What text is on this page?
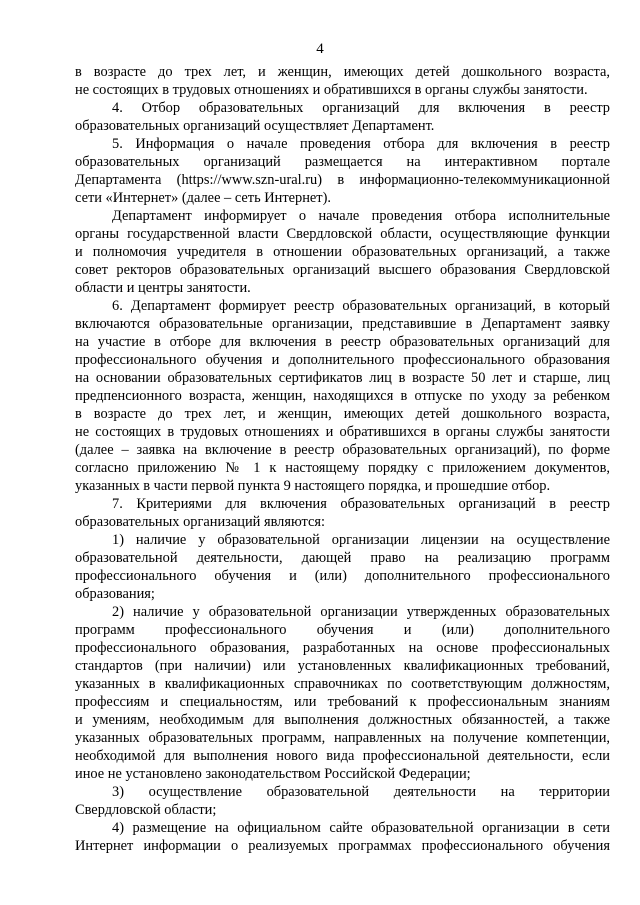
4
в возрасте до трех лет, и женщин, имеющих детей дошкольного возраста,
не состоящих в трудовых отношениях и обратившихся в органы службы занятости.
4. Отбор образовательных организаций для включения в реестр
образовательных организаций осуществляет Департамент.
5. Информация о начале проведения отбора для включения в реестр
образовательных организаций размещается на интерактивном портале
Департамента (https://www.szn-ural.ru) в информационно-телекоммуникационной
сети «Интернет» (далее – сеть Интернет).
Департамент информирует о начале проведения отбора исполнительные
органы государственной власти Свердловской области, осуществляющие функции
и полномочия учредителя в отношении образовательных организаций, а также
совет ректоров образовательных организаций высшего образования Свердловской
области и центры занятости.
6. Департамент формирует реестр образовательных организаций, в который
включаются образовательные организации, представившие в Департамент заявку
на участие в отборе для включения в реестр образовательных организаций для
профессионального обучения и дополнительного профессионального образования
на основании образовательных сертификатов лиц в возрасте 50 лет и старше, лиц
предпенсионного возраста, женщин, находящихся в отпуске по уходу за ребенком
в возрасте до трех лет, и женщин, имеющих детей дошкольного возраста,
не состоящих в трудовых отношениях и обратившихся в органы службы занятости
(далее – заявка на включение в реестр образовательных организаций), по форме
согласно приложению № 1 к настоящему порядку с приложением документов,
указанных в части первой пункта 9 настоящего порядка, и прошедшие отбор.
7. Критериями для включения образовательных организаций в реестр
образовательных организаций являются:
1) наличие у образовательной организации лицензии на осуществление
образовательной деятельности, дающей право на реализацию программ
профессионального обучения и (или) дополнительного профессионального
образования;
2) наличие у образовательной организации утвержденных образовательных
программ профессионального обучения и (или) дополнительного
профессионального образования, разработанных на основе профессиональных
стандартов (при наличии) или установленных квалификационных требований,
указанных в квалификационных справочниках по соответствующим должностям,
профессиям и специальностям, или требований к профессиональным знаниям
и умениям, необходимым для выполнения должностных обязанностей, а также
указанных образовательных программ, направленных на получение компетенции,
необходимой для выполнения нового вида профессиональной деятельности, если
иное не установлено законодательством Российской Федерации;
3) осуществление образовательной деятельности на территории
Свердловской области;
4) размещение на официальном сайте образовательной организации в сети
Интернет информации о реализуемых программах профессионального обучения
